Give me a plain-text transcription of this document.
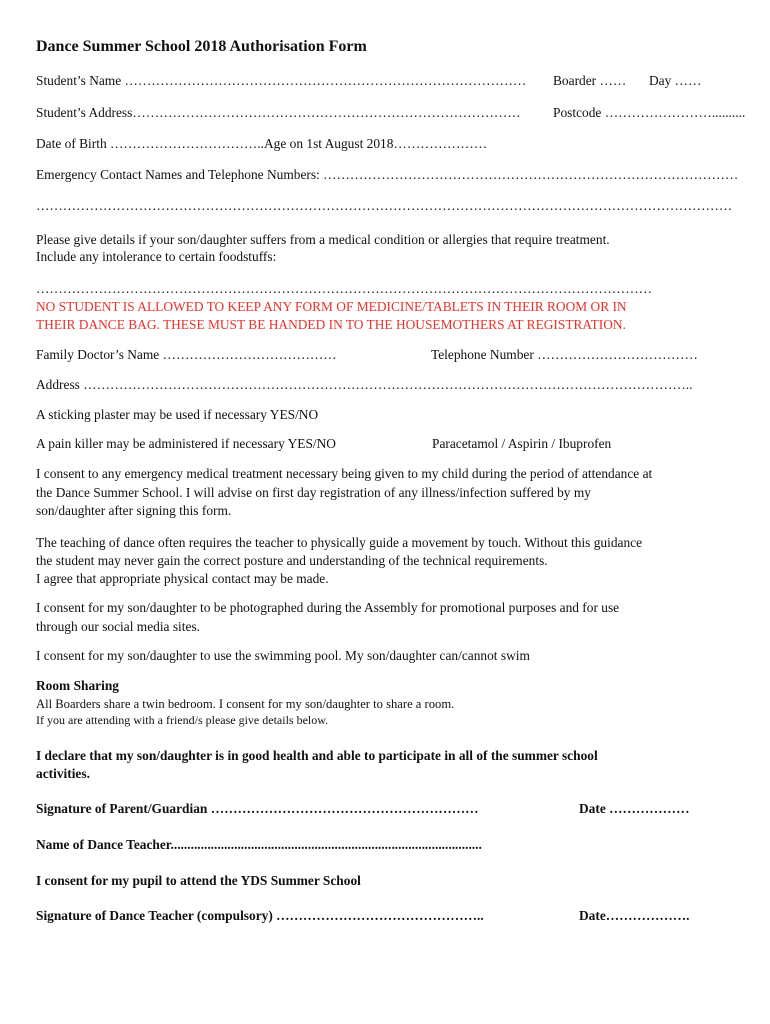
Dance Summer School 2018 Authorisation Form
Student’s Name ……………………………………………………………………………… Boarder …… Day ……
Student’s Address…………………………………………………………………………… Postcode ……………………..........
Date of Birth ……………………………..Age on 1st August 2018…………………
Emergency Contact Names and Telephone Numbers: …………………………………………………………………………………
…………………………………………………………………………………………………………………………………………
Please give details if your son/daughter suffers from a medical condition or allergies that require treatment.
Include any intolerance to certain foodstuffs:
…………………………………………………………………………………………………………………………
NO STUDENT IS ALLOWED TO KEEP ANY FORM OF MEDICINE/TABLETS IN THEIR ROOM OR IN
THEIR DANCE BAG. THESE MUST BE HANDED IN TO THE HOUSEMOTHERS AT REGISTRATION.
Family Doctor’s Name …………………………………	Telephone Number ………………………………
Address ………………………………………………………………………………………………………………………..
A sticking plaster may be used if necessary YES/NO
A pain killer may be administered if necessary YES/NO	Paracetamol / Aspirin / Ibuprofen
I consent to any emergency medical treatment necessary being given to my child during the period of attendance at
the Dance Summer School. I will advise on first day registration of any illness/infection suffered by my
son/daughter after signing this form.
The teaching of dance often requires the teacher to physically guide a movement by touch. Without this guidance
the student may never gain the correct posture and understanding of the technical requirements.
I agree that appropriate physical contact may be made.
I consent for my son/daughter to be photographed during the Assembly for promotional purposes and for use
through our social media sites.
I consent for my son/daughter to use the swimming pool. My son/daughter can/cannot swim
Room Sharing
All Boarders share a twin bedroom. I consent for my son/daughter to share a room.
If you are attending with a friend/s please give details below.
I declare that my son/daughter is in good health and able to participate in all of the summer school
activities.
Signature of Parent/Guardian ……………………………………………………	Date ………………
Name of Dance Teacher.............................................................................................
I consent for my pupil to attend the YDS Summer School
Signature of Dance Teacher (compulsory) ………………………………………..	Date……………….
